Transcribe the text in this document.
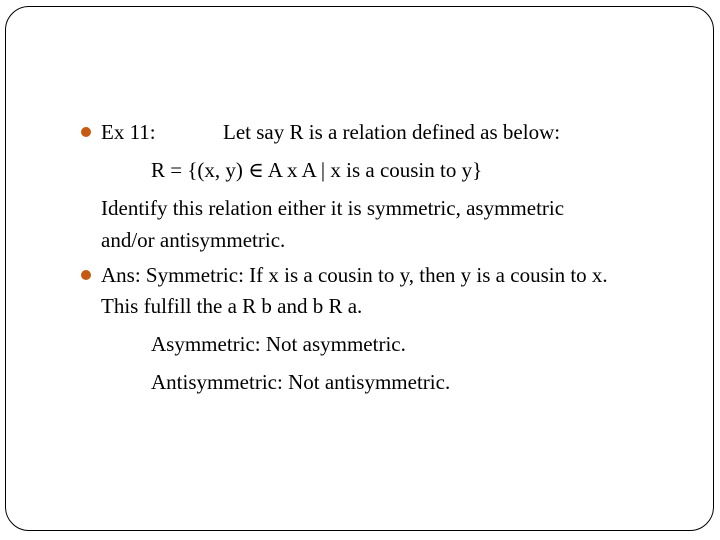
Ex 11:	Let say R is a relation defined as below:
R = {(x, y) ∈ A x A | x is a cousin to y}
Identify this relation either it is symmetric, asymmetric
and/or antisymmetric.
Ans: Symmetric: If x is a cousin to y, then y is a cousin to x.
This fulfill the a R b and b R a.
Asymmetric: Not asymmetric.
Antisymmetric: Not antisymmetric.
